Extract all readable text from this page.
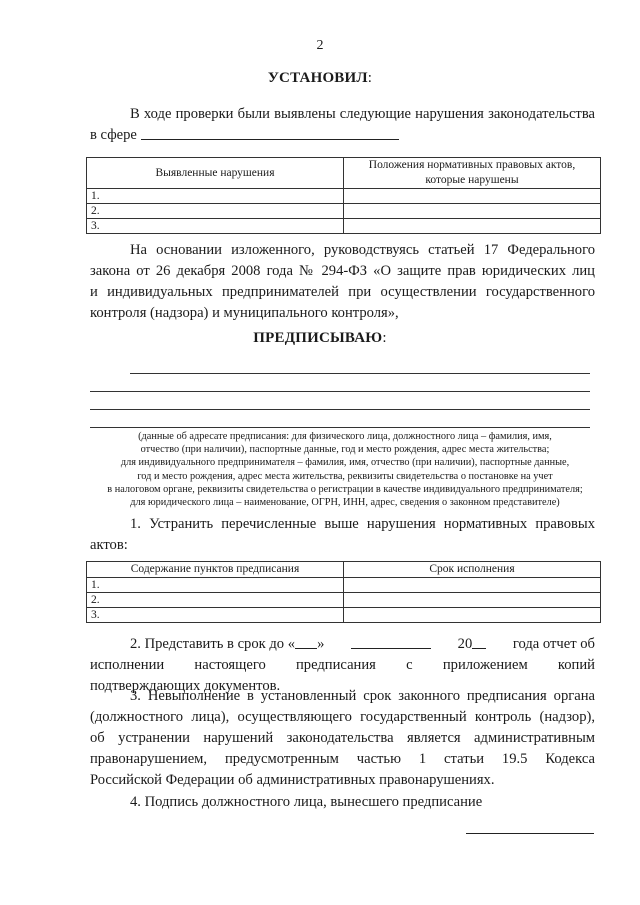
2
УСТАНОВИЛ:
В ходе проверки были выявлены следующие нарушения законодательства
в сфере
Выявленные нарушения	Положения нормативных правовых актов, которые нарушены
1.	
2.	
3.	
На основании изложенного, руководствуясь статьей 17 Федерального
закона от 26 декабря 2008 года № 294-ФЗ «О защите прав юридических лиц
и индивидуальных предпринимателей при осуществлении государственного
контроля (надзора) и муниципального контроля»,
ПРЕДПИСЫВАЮ:
(данные об адресате предписания: для физического лица, должностного лица – фамилия, имя,
отчество (при наличии), паспортные данные, год и место рождения, адрес места жительства;
для индивидуального предпринимателя – фамилия, имя, отчество (при наличии), паспортные данные,
год и место рождения, адрес места жительства, реквизиты свидетельства о постановке на учет
в налоговом органе, реквизиты свидетельства о регистрации в качестве индивидуального предпринимателя;
для юридического лица – наименование, ОГРН, ИНН, адрес, сведения о законном представителе)
1. Устранить перечисленные выше нарушения нормативных правовых
актов:
Содержание пунктов предписания	Срок исполнения
1.	
2.	
3.	
2. Представить в срок до « »	20	года отчет об
исполнении настоящего предписания с приложением копий
подтверждающих документов.
3. Невыполнение в установленный срок законного предписания органа
(должностного лица), осуществляющего государственный контроль (надзор),
об устранении нарушений законодательства является административным
правонарушением, предусмотренным частью 1 статьи 19.5 Кодекса
Российской Федерации об административных правонарушениях.
4. Подпись должностного лица, вынесшего предписание
